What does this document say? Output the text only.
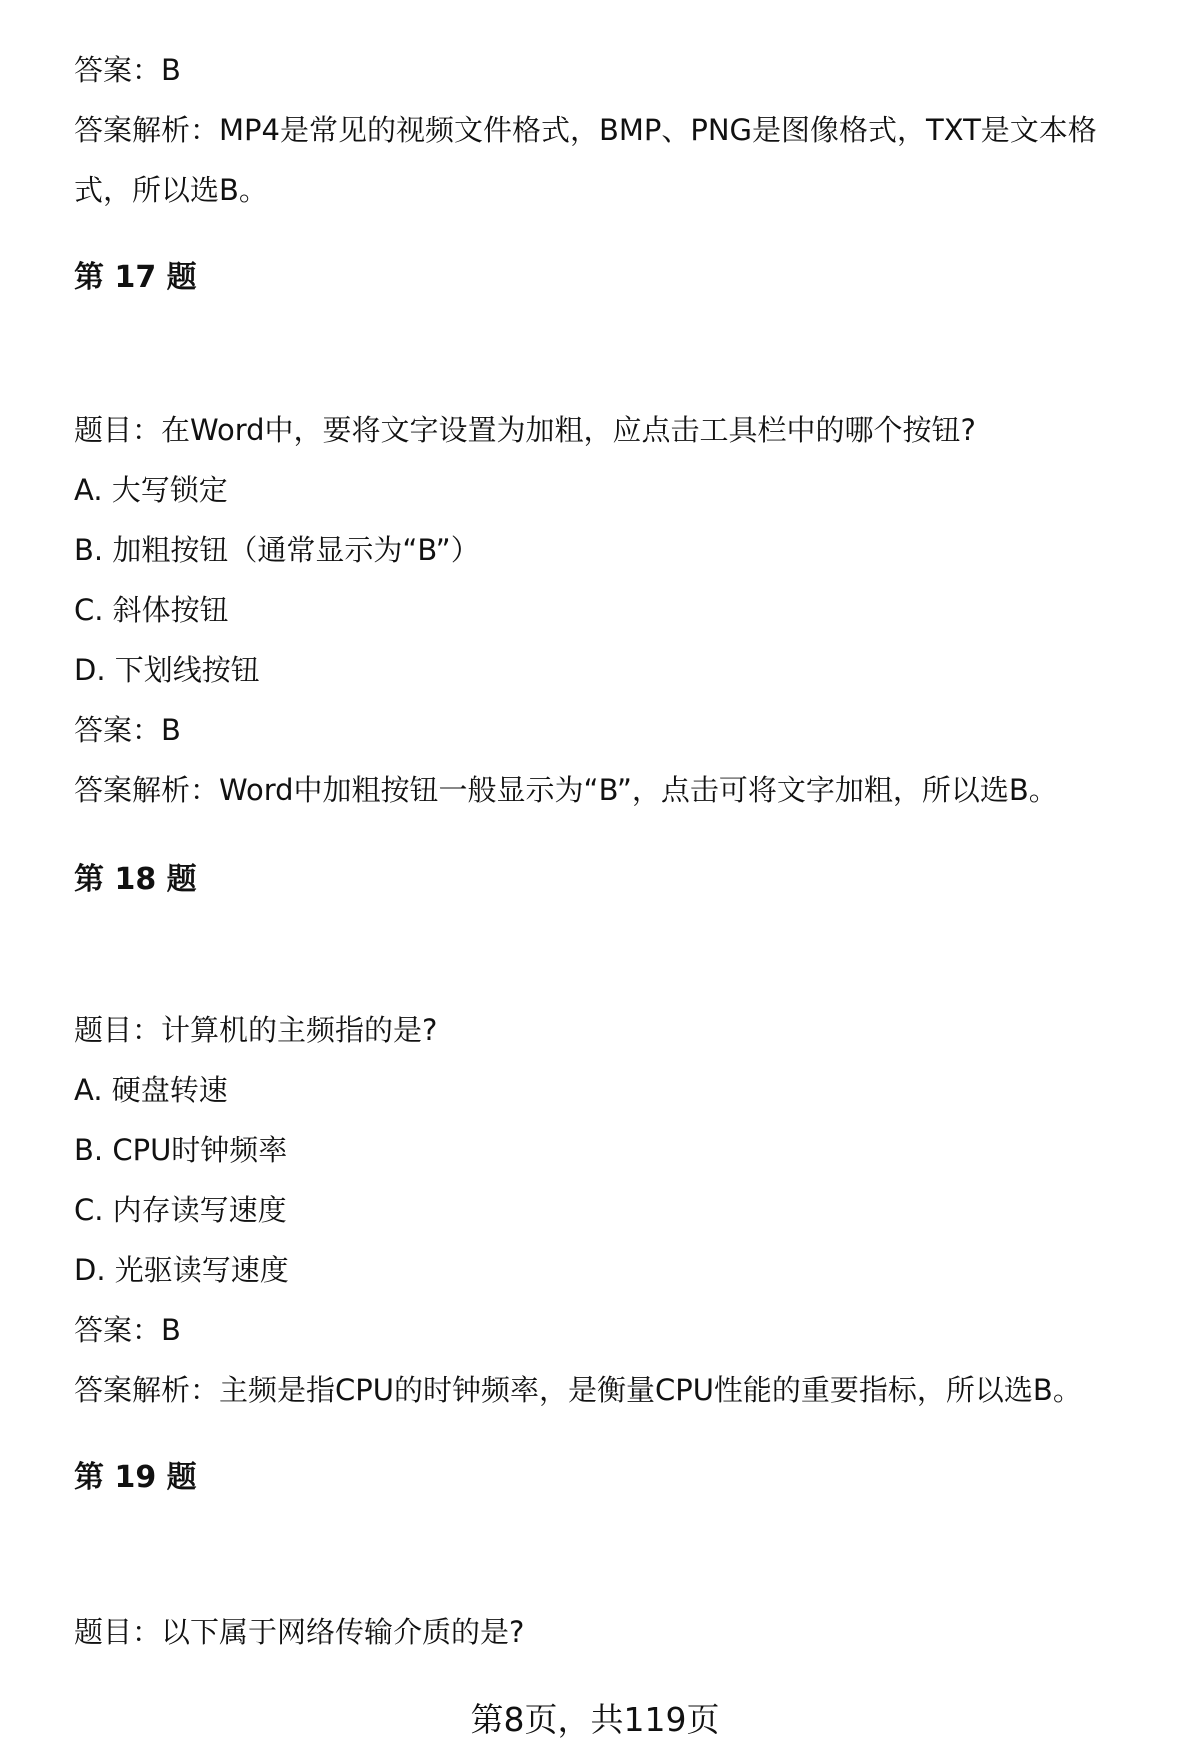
答案：B
答案解析：MP4是常见的视频文件格式，BMP、PNG是图像格式，TXT是文本格
式，所以选B。
第 17 题
题目：在Word中，要将文字设置为加粗，应点击工具栏中的哪个按钮?
A. 大写锁定
B. 加粗按钮（通常显示为“B”）
C. 斜体按钮
D. 下划线按钮
答案：B
答案解析：Word中加粗按钮一般显示为“B”，点击可将文字加粗，所以选B。
第 18 题
题目：计算机的主频指的是?
A. 硬盘转速
B. CPU时钟频率
C. 内存读写速度
D. 光驱读写速度
答案：B
答案解析：主频是指CPU的时钟频率，是衡量CPU性能的重要指标，所以选B。
第 19 题
题目：以下属于网络传输介质的是?
第8页，共119页
